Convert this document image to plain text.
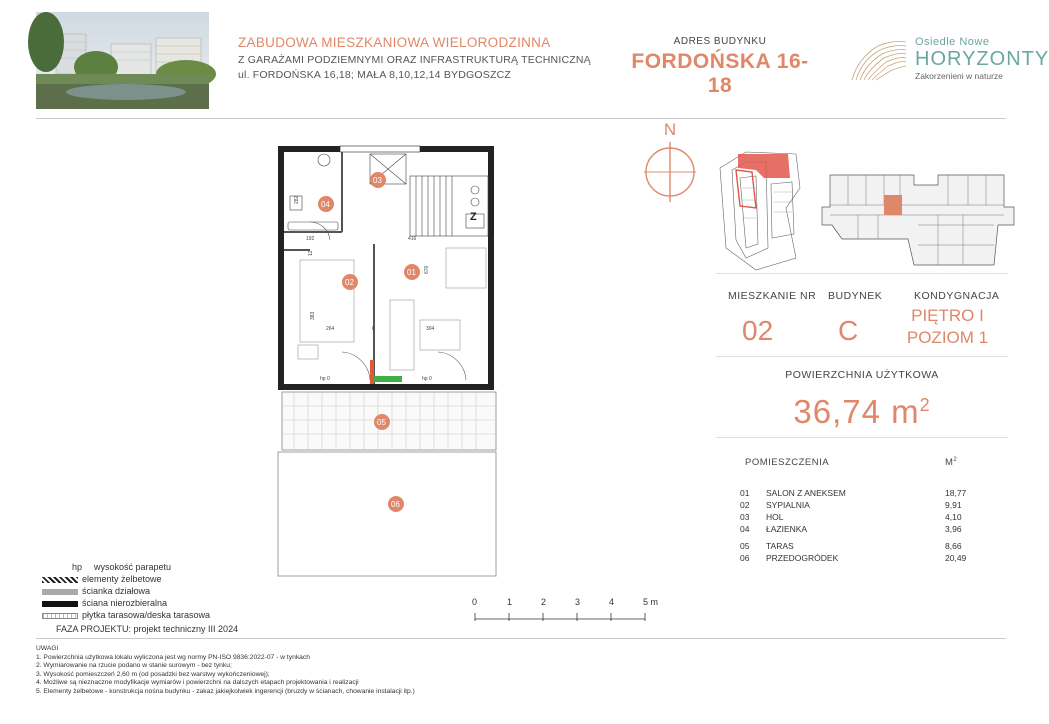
ZABUDOWA MIESZKANIOWA WIELORODZINNA
Z GARAŻAMI PODZIEMNYMI ORAZ INFRASTRUKTURĄ TECHNICZNĄ
ul. FORDOŃSKA 16,18; MAŁA 8,10,12,14 BYDGOSZCZ
ADRES BUDYNKU
FORDOŃSKA 16-18
Osiedle Nowe
HORYZONTY
Zakorzenieni w naturze
N
MIESZKANIE NR BUDYNEK	KONDYGNACJA
02 C	PIĘTRO I
POZIOM 1
POWIERZCHNIA UŻYTKOWA
36,74 $m^2$
POMIESZCZENIA	$M^2$
01 SALON Z ANEKSEM	18,77
02 SYPIALNIA	9,91
03 HOL	4,10
04 ŁAZIENKA	3,96
05 TARAS	8,66
06 PRZEDOGRÓDEK	20,49
282
192	416
676
264	304
8
383
12
hp 0	hp 0
Z
03
04
01
02
05
06
hp wysokość parapetu
elementy żelbetowe
ścianka działowa
ściana nierozbieralna
płytka tarasowa/deska tarasowa
FAZA PROJEKTU: projekt techniczny III 2024
0	1	2	3	4	5 m
UWAGI
1. Powierzchnia użytkowa lokalu wyliczona jest wg normy PN-ISO 9836:2022-07 - w tynkach
2. Wymiarowanie na rzucie podano w stanie surowym - bez tynku;
3. Wysokość pomieszczeń 2,60 m (od posadzki bez warstwy wykończeniowej);
4. Możliwe są nieznaczne modyfikacje wymiarów i powierzchni na dalszych etapach projektowania i realizacji
5. Elementy żelbetowe - konstrukcja nośna budynku - zakaz jakiejkolwiek ingerencji (bruzdy w ścianach, chowanie instalacji itp.)
